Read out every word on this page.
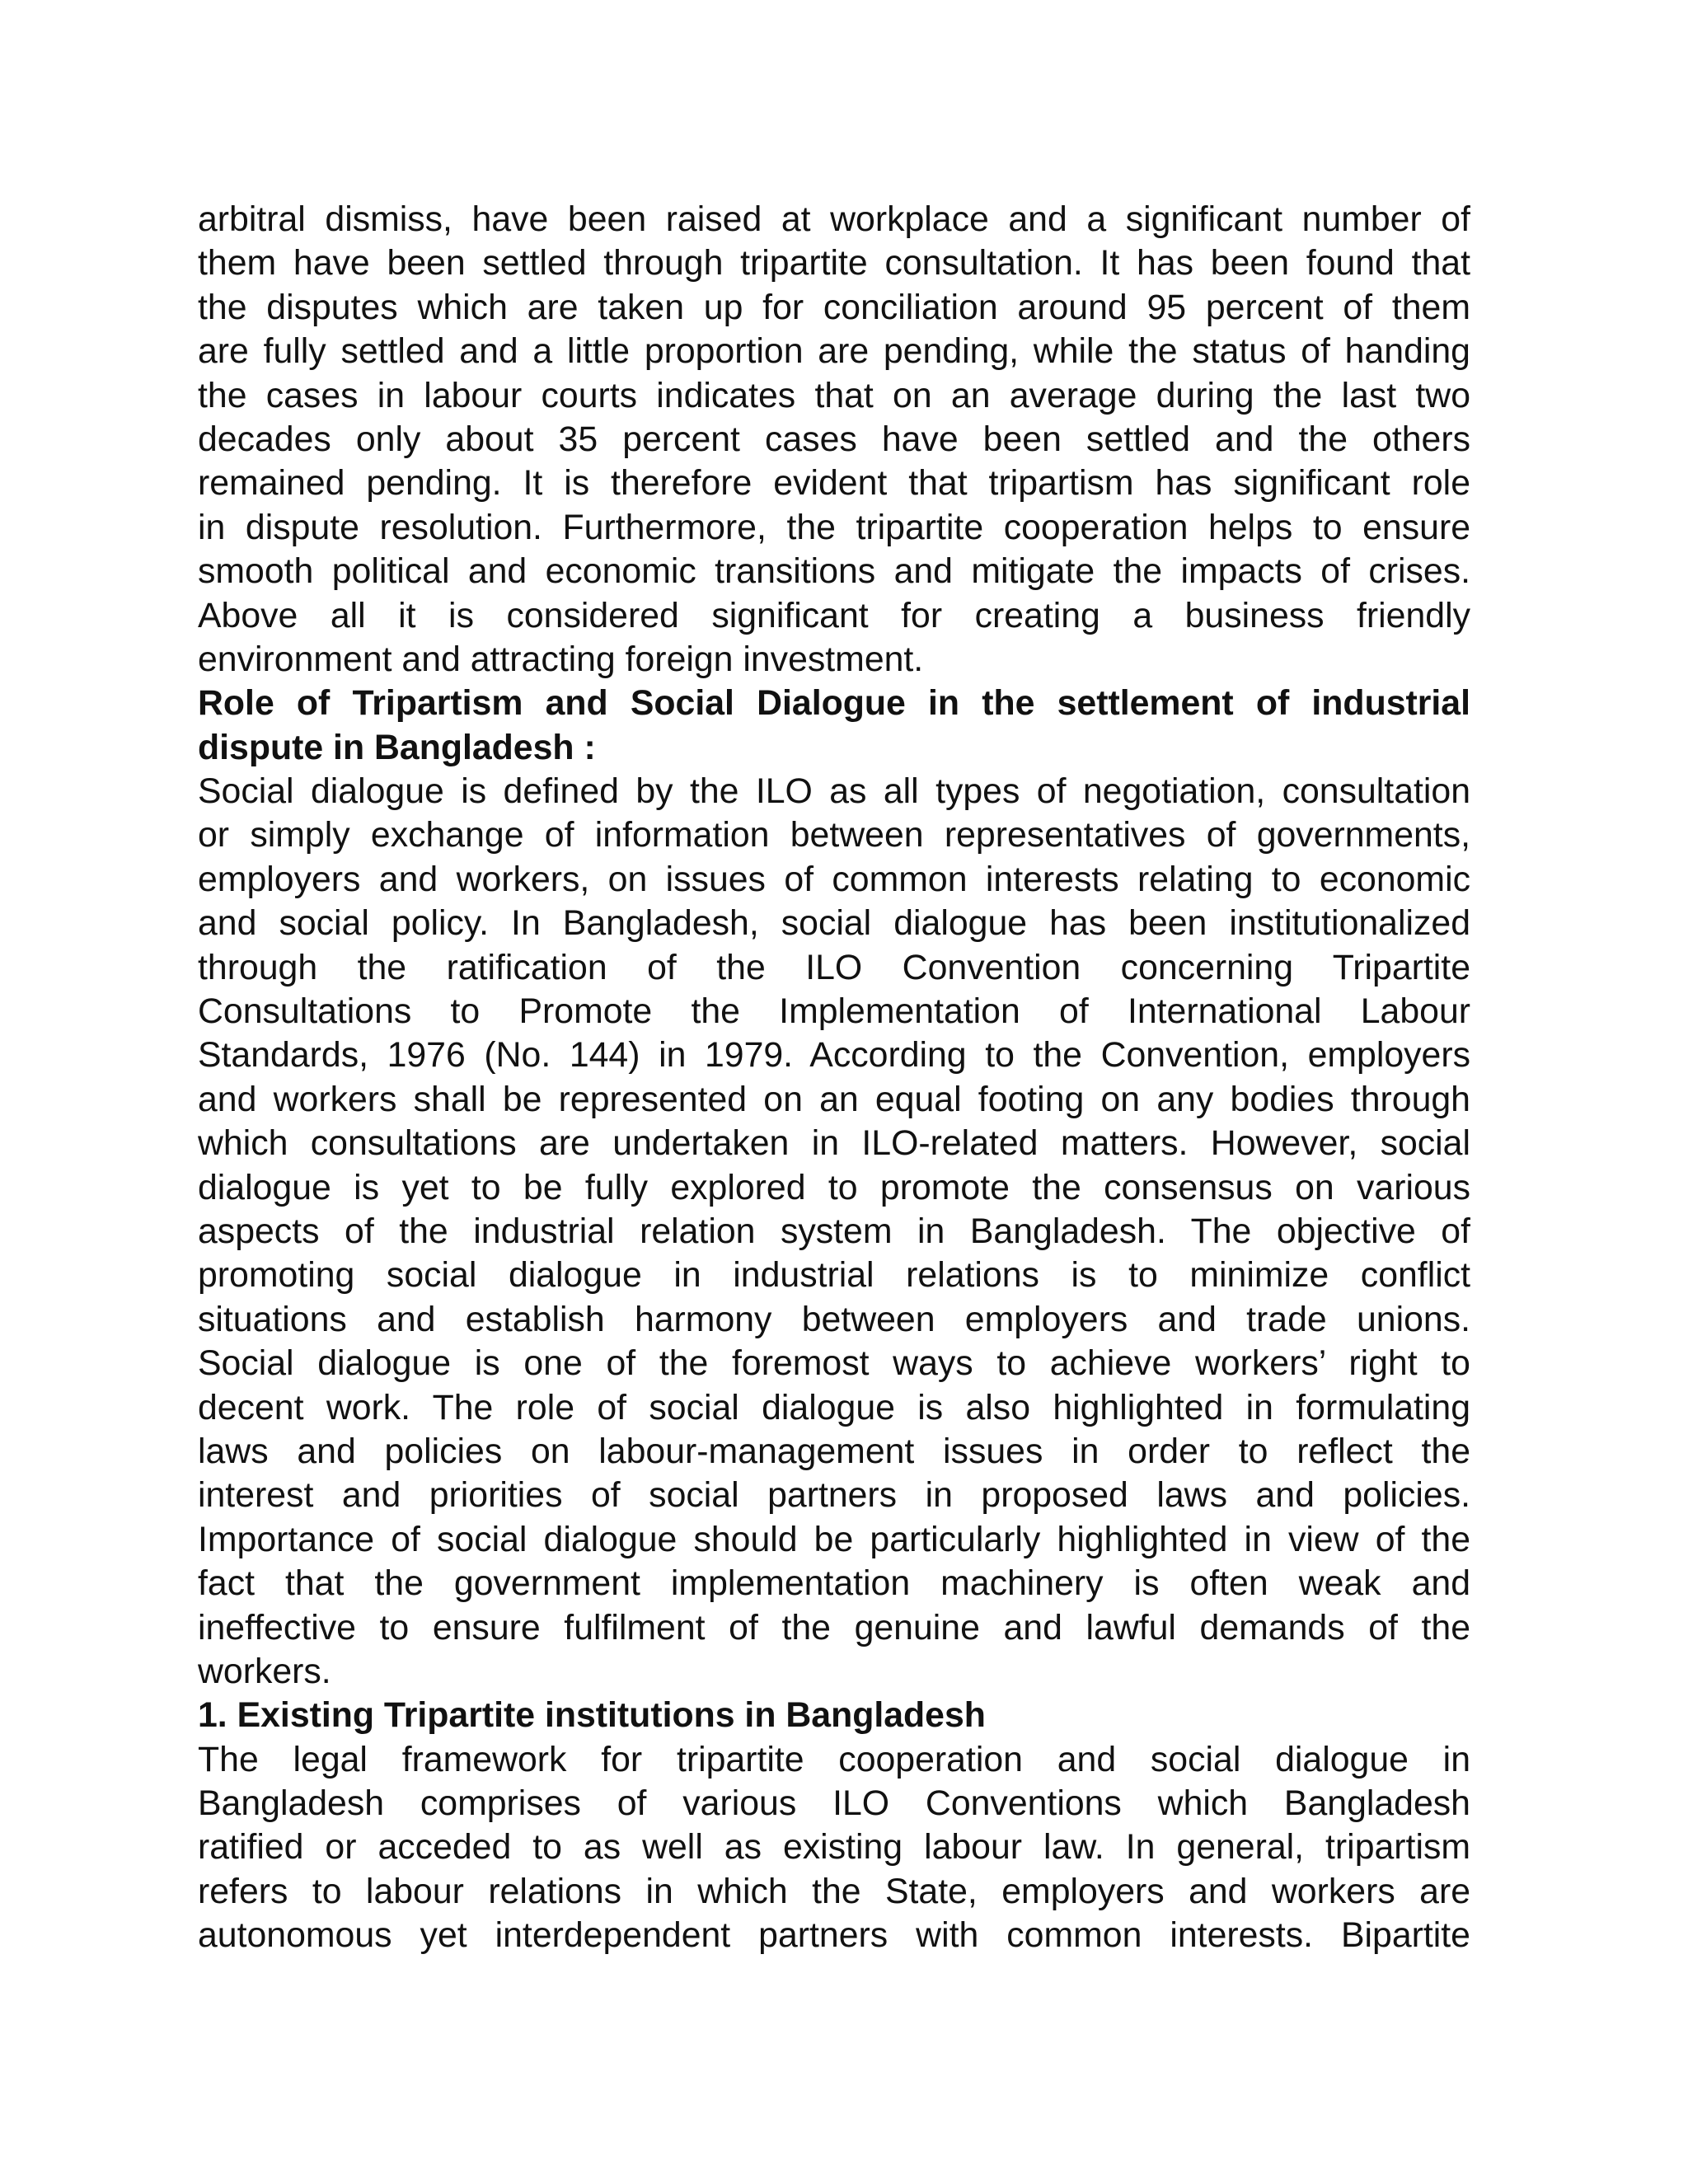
arbitral dismiss, have been raised at workplace and a significant number of
them have been settled through tripartite consultation. It has been found that
the disputes which are taken up for conciliation around 95 percent of them
are fully settled and a little proportion are pending, while the status of handing
the cases in labour courts indicates that on an average during the last two
decades only about 35 percent cases have been settled and the others
remained pending. It is therefore evident that tripartism has significant role
in dispute resolution. Furthermore, the tripartite cooperation helps to ensure
smooth political and economic transitions and mitigate the impacts of crises.
Above all it is considered significant for creating a business friendly
environment and attracting foreign investment.
Role of Tripartism and Social Dialogue in the settlement of industrial
dispute in Bangladesh :
Social dialogue is defined by the ILO as all types of negotiation, consultation
or simply exchange of information between representatives of governments,
employers and workers, on issues of common interests relating to economic
and social policy. In Bangladesh, social dialogue has been institutionalized
through the ratification of the ILO Convention concerning Tripartite
Consultations to Promote the Implementation of International Labour
Standards, 1976 (No. 144) in 1979. According to the Convention, employers
and workers shall be represented on an equal footing on any bodies through
which consultations are undertaken in ILO-related matters. However, social
dialogue is yet to be fully explored to promote the consensus on various
aspects of the industrial relation system in Bangladesh. The objective of
promoting social dialogue in industrial relations is to minimize conflict
situations and establish harmony between employers and trade unions.
Social dialogue is one of the foremost ways to achieve workers’ right to
decent work. The role of social dialogue is also highlighted in formulating
laws and policies on labour-management issues in order to reflect the
interest and priorities of social partners in proposed laws and policies.
Importance of social dialogue should be particularly highlighted in view of the
fact that the government implementation machinery is often weak and
ineffective to ensure fulfilment of the genuine and lawful demands of the
workers.
1. Existing Tripartite institutions in Bangladesh
The legal framework for tripartite cooperation and social dialogue in
Bangladesh comprises of various ILO Conventions which Bangladesh
ratified or acceded to as well as existing labour law. In general, tripartism
refers to labour relations in which the State, employers and workers are
autonomous yet interdependent partners with common interests. Bipartite
